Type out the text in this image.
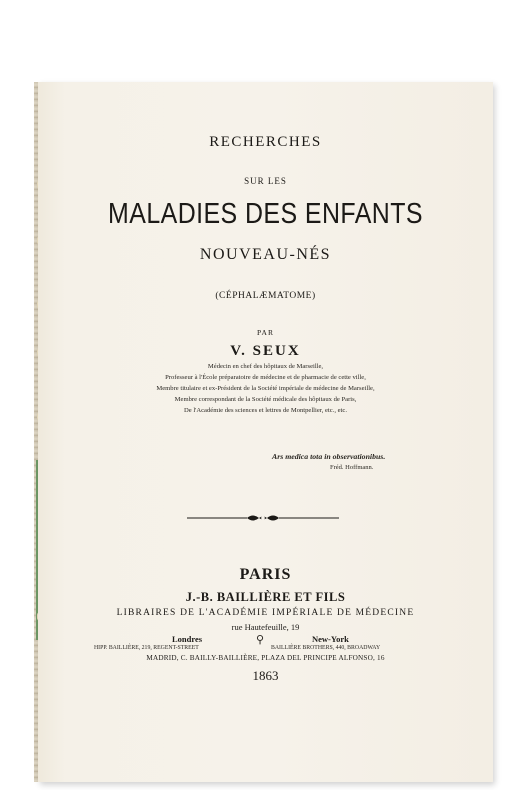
RECHERCHES
SUR LES
MALADIES DES ENFANTS
NOUVEAU-NÉS
(CÉPHALÆMATOME)
PAR
V. SEUX
Médecin en chef des hôpitaux de Marseille,
Professeur à l'École préparatoire de médecine et de pharmacie de cette ville,
Membre titulaire et ex-Président de la Société impériale de médecine de Marseille,
Membre correspondant de la Société médicale des hôpitaux de Paris,
De l'Académie des sciences et lettres de Montpellier, etc., etc.
Ars medica tota in observationibus.
Fréd. Hoffmann.
PARIS
J.-B. BAILLIÈRE ET FILS
LIBRAIRES DE L'ACADÉMIE IMPÉRIALE DE MÉDECINE
rue Hautefeuille, 19
Londres
HIPP. BAILLIÈRE, 219, REGENT-STREET
⚲	New-York
BAILLIÈRE BROTHERS, 440, BROADWAY
MADRID, C. BAILLY-BAILLIÈRE, PLAZA DEL PRINCIPE ALFONSO, 16
1863
